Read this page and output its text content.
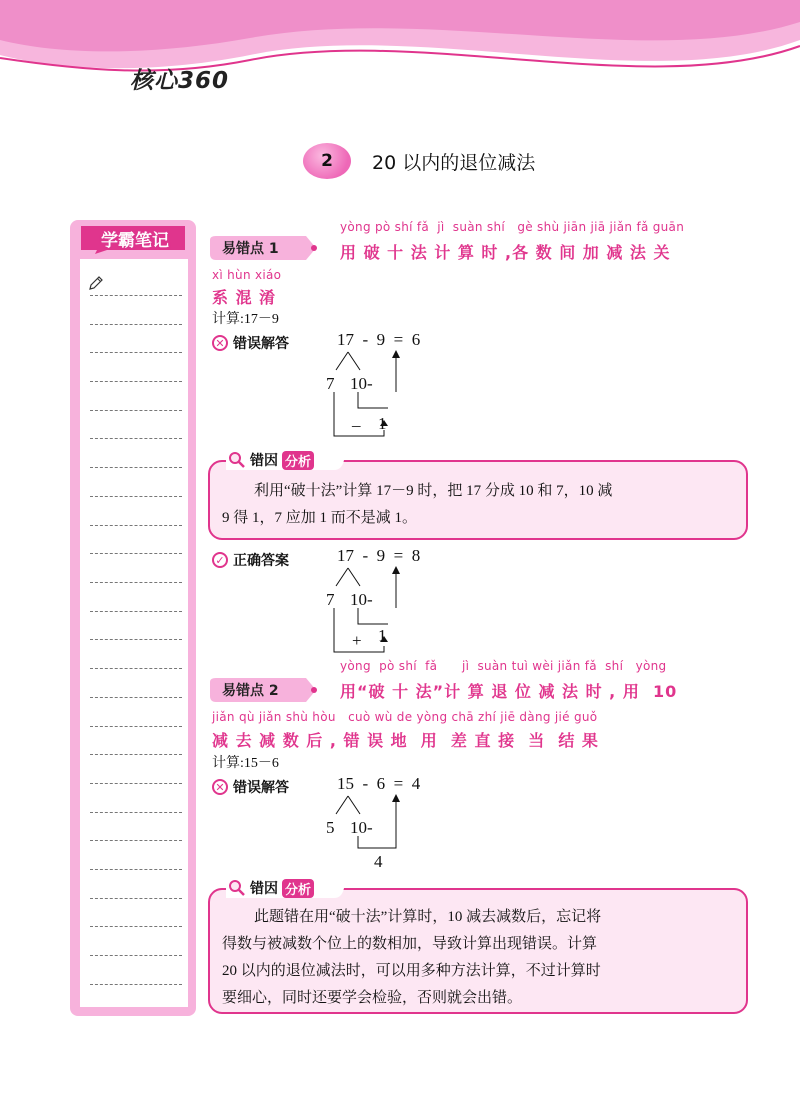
核心360
2	20 以内的退位减法
学霸笔记	易错点 1
yòng pò shí fǎ  jì  suàn shí   gè shù jiān jiā jiǎn fǎ guān
用 破 十 法 计 算 时 ,各 数 间 加 减 法 关
xì hùn xiáo
系 混 淆
计算:17－9
✕ 错误解答	17  -  9  =  6
7 10-
1
_
错因 分析
利用“破十法”计算 17－9 时，把 17 分成 10 和 7，10 减
9 得 1，7 应加 1 而不是减 1。
✓ 正确答案	17  -  9  =  8
7 10-
1
+
易错点 2
yòng  pò shí  fǎ      jì  suàn tuì wèi jiǎn fǎ  shí   yòng
用“破 十 法”计 算 退 位 减 法 时 , 用  10
jiǎn qù jiǎn shù hòu   cuò wù de yòng chā zhí jiē dàng jié guǒ
减 去 减 数 后 , 错 误 地  用  差 直 接  当  结 果
计算:15－6
✕ 错误解答	15  -  6  =  4
5 10-
4
错因 分析
此题错在用“破十法”计算时，10 减去减数后，忘记将
得数与被减数个位上的数相加，导致计算出现错误。计算
20 以内的退位减法时，可以用多种方法计算，不过计算时
要细心，同时还要学会检验，否则就会出错。
